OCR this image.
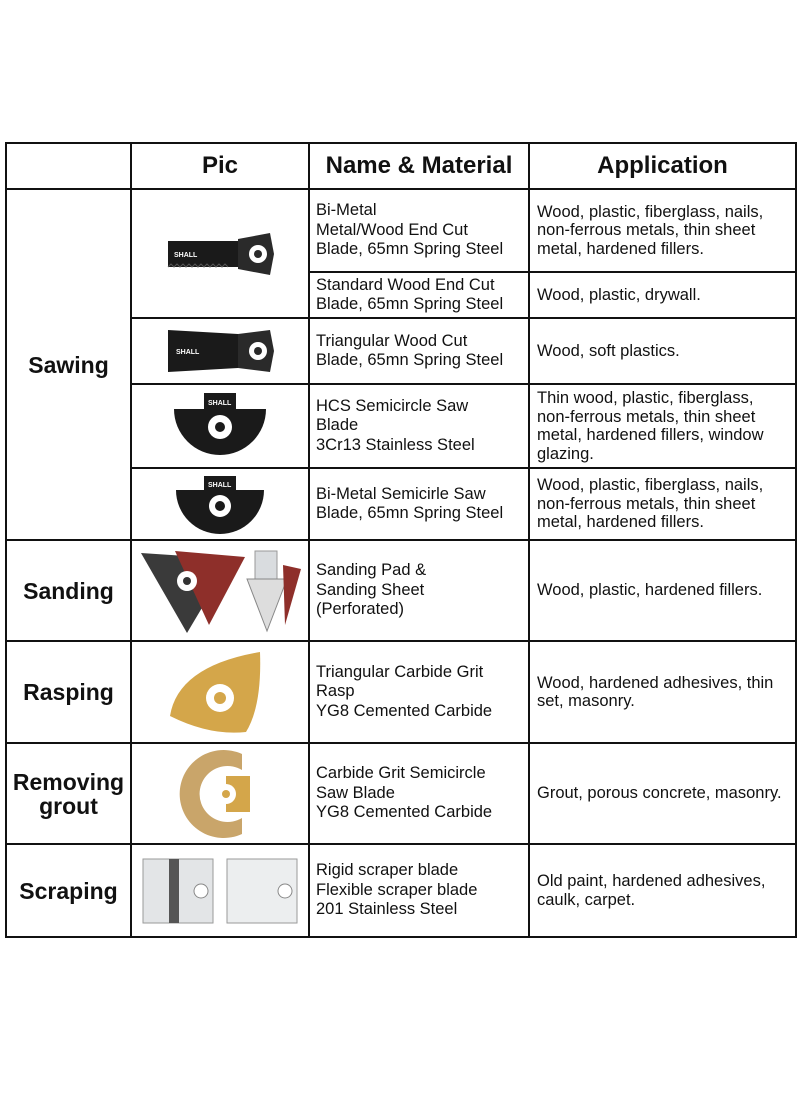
	Pic	Name & Material	Application
Sawing	SHALL	Bi-Metal
Metal/Wood End Cut
Blade, 65mn Spring Steel	Wood, plastic, fiberglass, nails, non-ferrous metals, thin sheet metal, hardened fillers.

		Standard Wood End Cut
Blade, 65mn Spring Steel	Wood, plastic, drywall.

SHALL	Triangular Wood Cut
Blade, 65mn Spring Steel	Wood, soft plastics.

SHALL	HCS Semicircle Saw
Blade
3Cr13 Stainless Steel	Thin wood, plastic, fiberglass, non-ferrous metals, thin sheet metal, hardened fillers, window glazing.

SHALL	Bi-Metal Semicirle Saw
Blade, 65mn Spring Steel	Wood, plastic, fiberglass, nails, non-ferrous metals, thin sheet metal, hardened fillers.
Sanding		Sanding Pad &
Sanding Sheet
(Perforated)	Wood, plastic, hardened fillers.
Rasping		Triangular Carbide Grit
Rasp
YG8 Cemented Carbide	Wood, hardened adhesives, thin set, masonry.

Removing
grout		Carbide Grit Semicircle
Saw Blade
YG8 Cemented Carbide	Grout, porous concrete, masonry.
Scraping		Rigid scraper blade
Flexible scraper blade
201 Stainless Steel	Old paint, hardened adhesives, caulk, carpet.
